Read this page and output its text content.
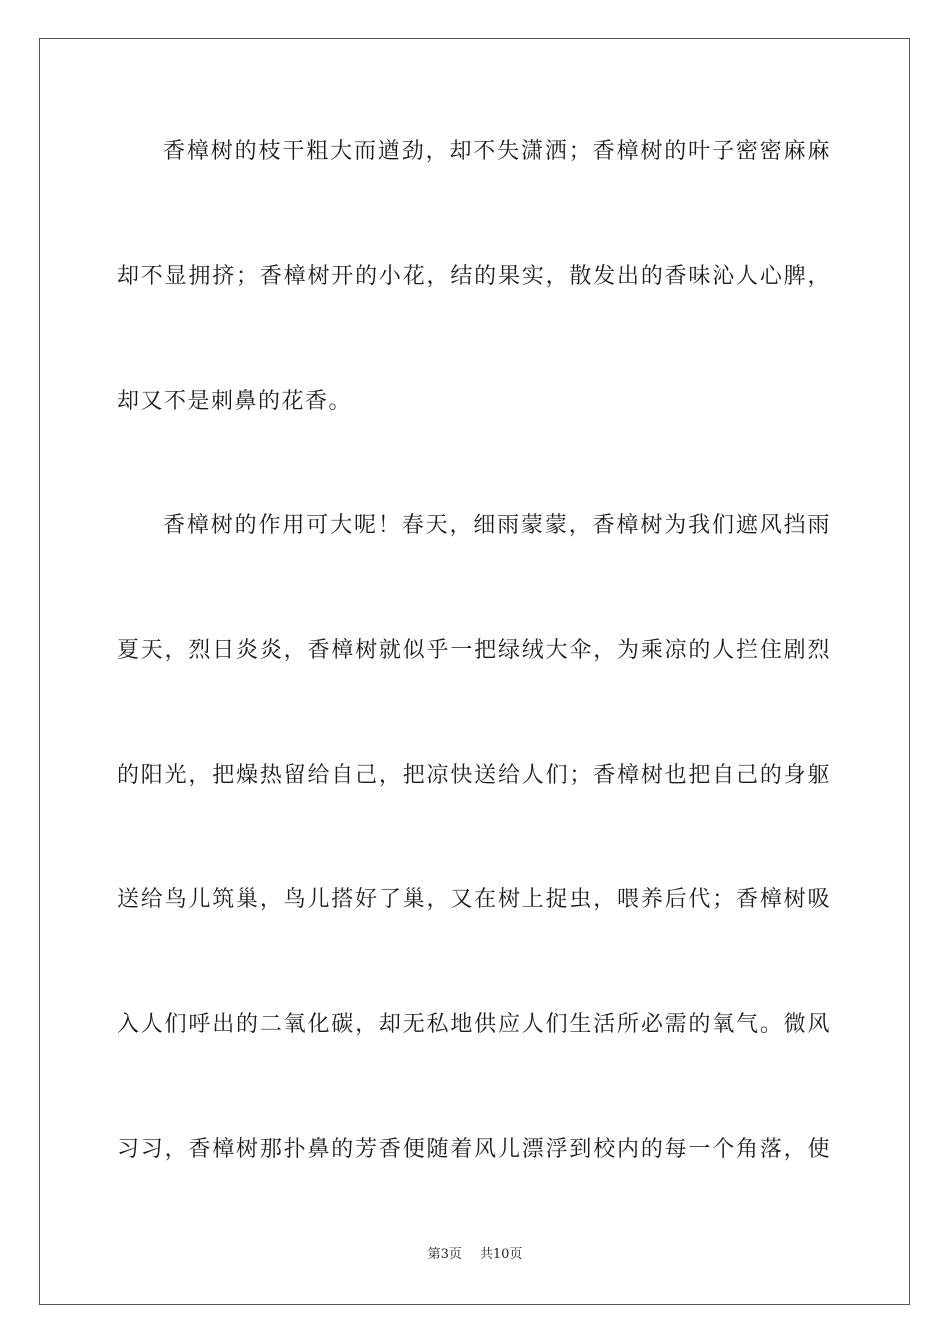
香樟树的枝干粗大而遒劲，却不失潇洒；香樟树的叶子密密麻麻
却不显拥挤；香樟树开的小花，结的果实，散发出的香味沁人心脾，
却又不是刺鼻的花香。
香樟树的作用可大呢！春天，细雨蒙蒙，香樟树为我们遮风挡雨
夏天，烈日炎炎，香樟树就似乎一把绿绒大伞，为乘凉的人拦住剧烈
的阳光，把燥热留给自己，把凉快送给人们；香樟树也把自己的身躯
送给鸟儿筑巢，鸟儿搭好了巢，又在树上捉虫，喂养后代；香樟树吸
入人们呼出的二氧化碳，却无私地供应人们生活所必需的氧气。微风
习习，香樟树那扑鼻的芳香便随着风儿漂浮到校内的每一个角落，使
第3页 共10页
